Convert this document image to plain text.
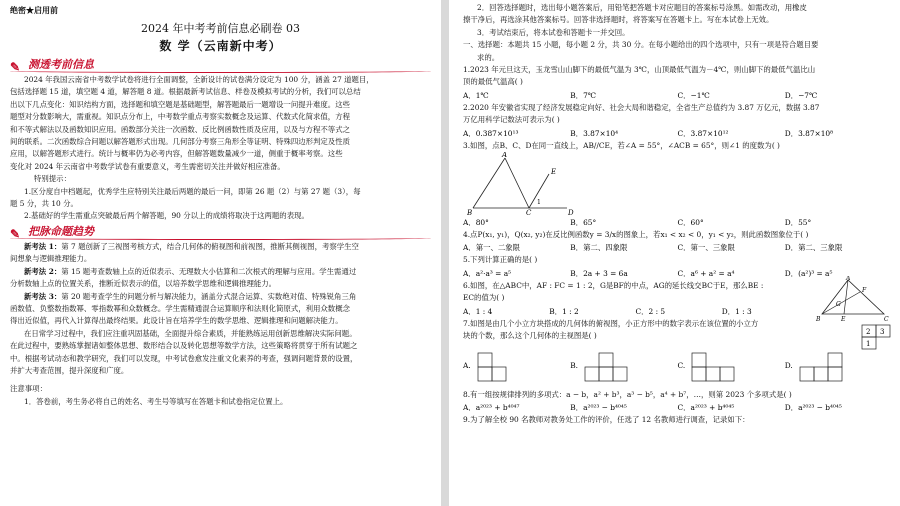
绝密★启用前
2024 年中考考前信息必刷卷 03
数 学（云南新中考）
✎ 测透考前信息

2024 年我国云南省中考数学试卷将进行全面调整，全新设计的试卷满分设定为 100 分，涵盖 27 道题目，

包括选择题 15 道，填空题 4 道，解答题 8 道。根据最新考试信息、样卷及模拟考试的分析，我们可以总结

出以下几点变化：知识结构方面，选择题和填空题是基础题型，解答题最后一题增设一问提升难度。这些

题型对分数影响大，需重视。知识点分布上，中考数学重点考察实数概念及运算、代数式化简求值，方程

和不等式解法以及函数知识应用。函数部分关注一次函数、反比例函数性质及应用，以及与方程不等式之

间的联系。二次函数综合问题以解答题形式出现。几何部分考察三角形全等证明、特殊四边形判定及性质

应用，以解答题形式进行。统计与概率仍为必考内容，但解答题数量减少一道，侧重于概率考察。这些

变化对 2024 年云南省中考数学试卷有重要意义，考生需密切关注并做好相应准备。

特别提示：

1.区分度自中档题起，优秀学生应特别关注最后两题的最后一问，即第 26 题（2）与第 27 题（3），每

题 5 分，共 10 分。

2.基础好的学生需重点突破最后两个解答题，90 分以上的成绩将取决于这两题的表现。

✎ 把脉命题趋势

新考法 1：第 7 题创新了三视图考核方式，结合几何体的俯视图和前视图，推断其侧视图，考察学生空

间想象与逻辑推理能力。

新考法 2：第 15 题考查数轴上点的近似表示、无理数大小估算和二次根式的理解与应用。学生需通过

分析数轴上点的位置关系，推断近似表示的值，以培养数学思维和逻辑推理能力。

新考法 3：第 20 题考查学生的问题分析与解决能力，涵盖分式混合运算、实数绝对值、特殊锐角三角

函数值、负整数指数幂、零指数幂和众数概念。学生需精通混合运算顺序和法则化简原式，利用众数概念

得出近似值，再代入计算得出最终结果。此设计旨在培养学生的数学思维、逻辑推理和问题解决能力。

在日常学习过程中，我们应注重巩固基础，全面提升综合素质，并能熟练运用创新思维解决实际问题。

在此过程中，要熟练掌握诸如整体思想、数形结合以及转化思想等数学方法，这些策略将贯穿于所有试题之

中。根据考试动态和教学研究，我们可以发现，中考试卷愈发注重文化素养的考查，强调问题背景的设置，

并扩大考查范围，提升深度和广度。

注意事项：

1．答卷前，考生务必将自己的姓名、考生号等填写在答题卡和试卷指定位置上。

2．回答选择题时，选出每小题答案后，用铅笔把答题卡对应题目的答案标号涂黑。如需改动，用橡皮

擦干净后，再选涂其他答案标号。回答非选择题时，将答案写在答题卡上。写在本试卷上无效。

3．考试结束后，将本试卷和答题卡一并交回。

一、选择题：本题共 15 小题，每小题 2 分，共 30 分。在每小题给出的四个选项中，只有一项是符合题目要

求的。

1.2023 年元旦这天，玉龙雪山山脚下的最低气温为 3℃，山顶最低气温为－4℃，则山脚下的最低气温比山

顶的最低气温高( )

A．1℃	B．7℃	C．−1℃	D．−7℃

2.2020 年安徽省实现了经济发展稳定向好、社会大局和谐稳定，全省生产总值约为 3.87 万亿元，数据 3.87

万亿用科学记数法可表示为( )

A．0.387×10¹³	B．3.87×10⁴	C．3.87×10¹²	D．3.87×10⁸

3.如图，点B、C、D在同一直线上，AB//CE，若∠A = 55°，∠ACB = 65°，则∠1 的度数为( )

A
E
B	C	D
1
A．80°	B．65°	C．60°	D．55°

4.点P(x₁, y₁)，Q(x₂, y₂)在反比例函数y = 3/x的图象上，若x₁ < x₂ < 0，y₁ < y₂，则此函数图象位于( )

A．第一、二象限	B．第二、四象限	C．第一、三象限	D．第二、三象限

5.下列计算正确的是( )

A．a²·a³ = a⁵	B．2a + 3 = 6a	C．a⁶ + a² = a⁴	D．(a²)³ = a⁵

6.如图，在△ABC中，AF : FC = 1 : 2，G是BF的中点，AG的延长线交BC于E，那么BE :

EC的值为( )

A．1 : 4	B．1 : 2	C．2 : 5	D．1 : 3
A
F
G
B	E	C

7.如图是由几个小立方块搭成的几何体的俯视图，小正方形中的数字表示在该位置的小立方

块的个数，那么这个几何体的主视图是( )	2 3
1
A.	B.	C.	D.

8.有一组按规律排列的多项式：a − b，a² + b³，a³ − b⁵，a⁴ + b⁷，…，则第 2023 个多项式是( )

A．a²⁰²³ + b⁴⁰⁴⁷	B．a²⁰²³ − b⁴⁰⁴⁵	C．a²⁰²³ + b⁴⁰⁴⁵	D．a²⁰²³ − b⁴⁰⁴⁵

9.为了解全校 90 名教师对教务处工作的评价，任选了 12 名教师进行调查，记录如下：
